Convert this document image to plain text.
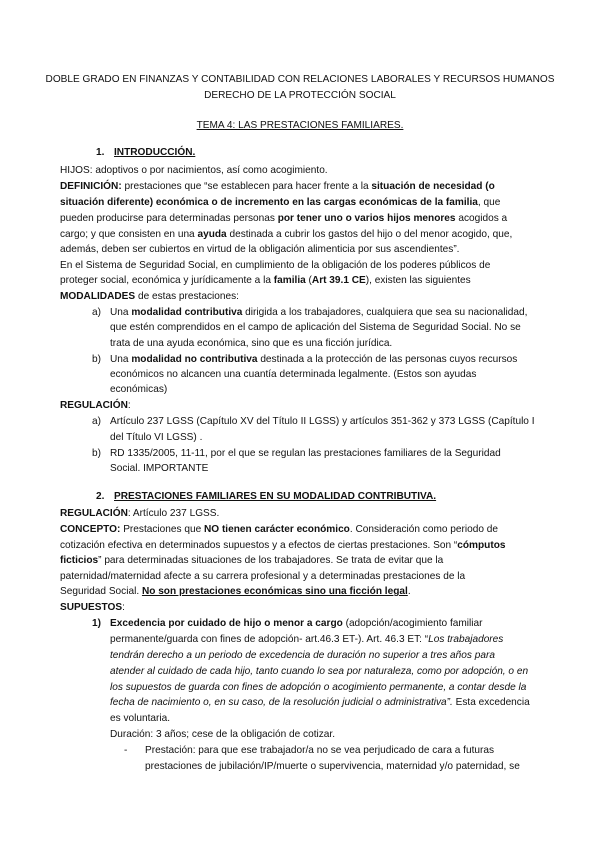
DOBLE GRADO EN FINANZAS Y CONTABILIDAD CON RELACIONES LABORALES Y RECURSOS HUMANOS
DERECHO DE LA PROTECCIÓN SOCIAL
TEMA 4: LAS PRESTACIONES FAMILIARES.
1. INTRODUCCIÓN.
HIJOS: adoptivos o por nacimientos, así como acogimiento.
DEFINICIÓN: prestaciones que “se establecen para hacer frente a la situación de necesidad (o
situación diferente) económica o de incremento en las cargas económicas de la familia, que
pueden producirse para determinadas personas por tener uno o varios hijos menores acogidos a
cargo; y que consisten en una ayuda destinada a cubrir los gastos del hijo o del menor acogido, que,
además, deben ser cubiertos en virtud de la obligación alimenticia por sus ascendientes”.
En el Sistema de Seguridad Social, en cumplimiento de la obligación de los poderes públicos de
proteger social, económica y jurídicamente a la familia (Art 39.1 CE), existen las siguientes
MODALIDADES de estas prestaciones:
a) Una modalidad contributiva dirigida a los trabajadores, cualquiera que sea su nacionalidad,
que estén comprendidos en el campo de aplicación del Sistema de Seguridad Social. No se
trata de una ayuda económica, sino que es una ficción jurídica.
b) Una modalidad no contributiva destinada a la protección de las personas cuyos recursos
económicos no alcancen una cuantía determinada legalmente. (Estos son ayudas
económicas)
REGULACIÓN:
a) Artículo 237 LGSS (Capítulo XV del Título II LGSS) y artículos 351-362 y 373 LGSS (Capítulo I
del Título VI LGSS) .
b) RD 1335/2005, 11-11, por el que se regulan las prestaciones familiares de la Seguridad
Social. IMPORTANTE
2. PRESTACIONES FAMILIARES EN SU MODALIDAD CONTRIBUTIVA.
REGULACIÓN: Artículo 237 LGSS.
CONCEPTO: Prestaciones que NO tienen carácter económico. Consideración como periodo de
cotización efectiva en determinados supuestos y a efectos de ciertas prestaciones. Son “cómputos
ficticios” para determinadas situaciones de los trabajadores. Se trata de evitar que la
paternidad/maternidad afecte a su carrera profesional y a determinadas prestaciones de la
Seguridad Social. No son prestaciones económicas sino una ficción legal.
SUPUESTOS:
1) Excedencia por cuidado de hijo o menor a cargo (adopción/acogimiento familiar
permanente/guarda con fines de adopción- art.46.3 ET-). Art. 46.3 ET: “Los trabajadores
tendrán derecho a un periodo de excedencia de duración no superior a tres años para
atender al cuidado de cada hijo, tanto cuando lo sea por naturaleza, como por adopción, o en
los supuestos de guarda con fines de adopción o acogimiento permanente, a contar desde la
fecha de nacimiento o, en su caso, de la resolución judicial o administrativa”. Esta excedencia
es voluntaria.
Duración: 3 años; cese de la obligación de cotizar.
- Prestación: para que ese trabajador/a no se vea perjudicado de cara a futuras
prestaciones de jubilación/IP/muerte o supervivencia, maternidad y/o paternidad, se
